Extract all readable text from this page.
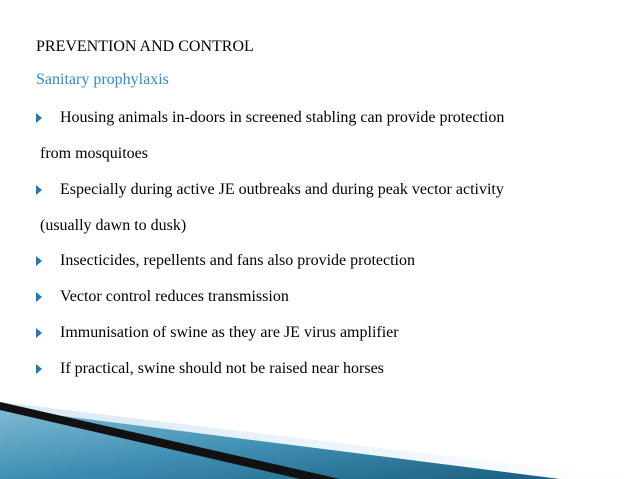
PREVENTION AND CONTROL
Sanitary prophylaxis
Housing animals in-doors in screened stabling can provide protection
from mosquitoes
Especially during active JE outbreaks and during peak vector activity
(usually dawn to dusk)
Insecticides, repellents and fans also provide protection
Vector control reduces transmission
Immunisation of swine as they are JE virus amplifier
If practical, swine should not be raised near horses
